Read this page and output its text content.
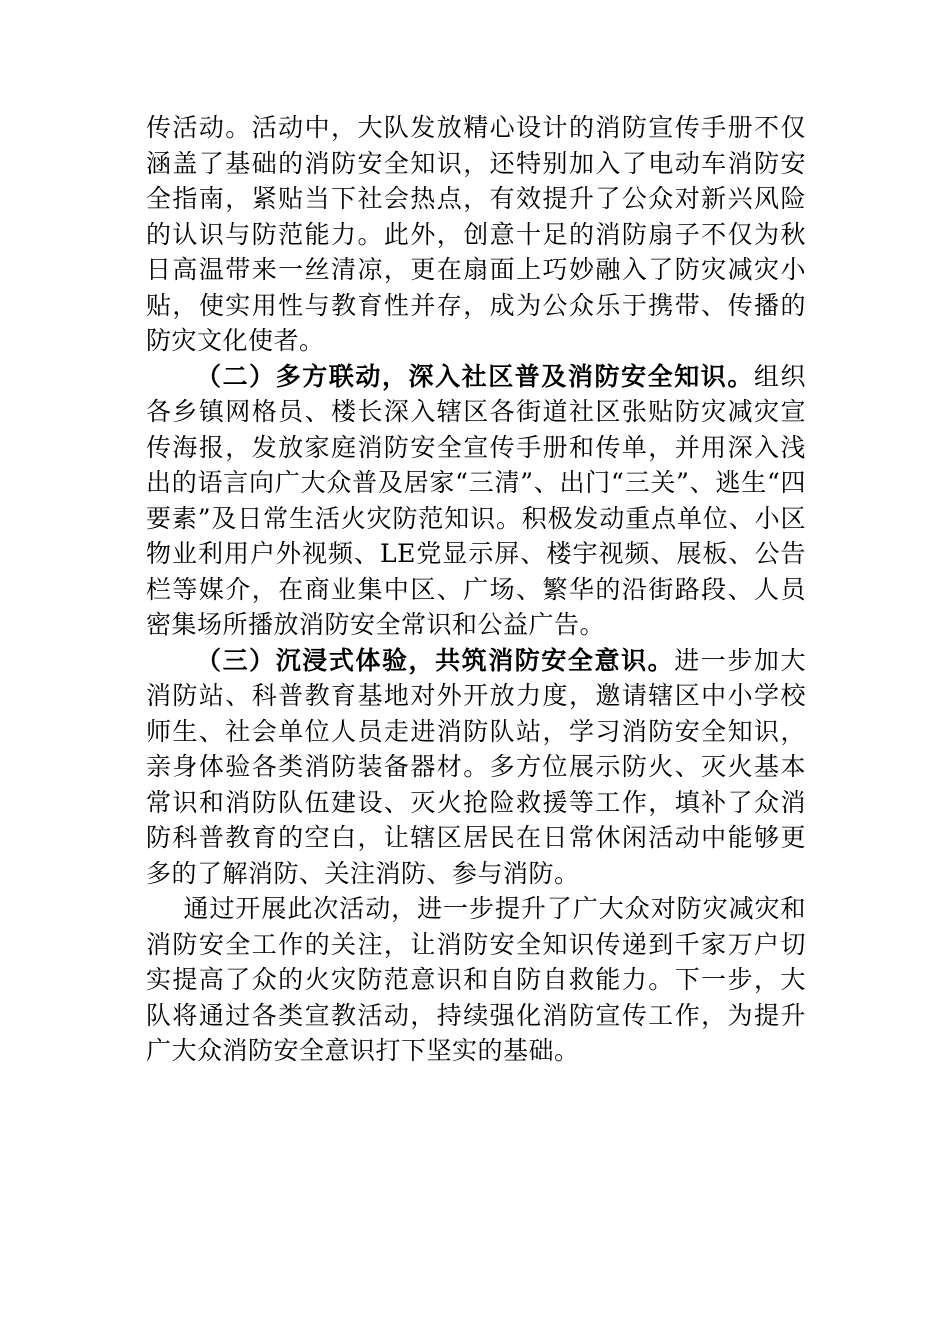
传活动。活动中，大队发放精心设计的消防宣传手册不仅涵盖了基础的消防安全知识，还特别加入了电动车消防安全指南，紧贴当下社会热点，有效提升了公众对新兴风险的认识与防范能力。此外，创意十足的消防扇子不仅为秋日高温带来一丝清凉，更在扇面上巧妙融入了防灾减灾小贴，使实用性与教育性并存，成为公众乐于携带、传播的防灾文化使者。

（二）多方联动，深入社区普及消防安全知识。组织各乡镇网格员、楼长深入辖区各街道社区张贴防灾减灾宣传海报，发放家庭消防安全宣传手册和传单，并用深入浅出的语言向广大众普及居家“三清”、出门“三关”、逃生“四要素”及日常生活火灾防范知识。积极发动重点单位、小区物业利用户外视频、LE党显示屏、楼宇视频、展板、公告栏等媒介，在商业集中区、广场、繁华的沿街路段、人员密集场所播放消防安全常识和公益广告。

（三）沉浸式体验，共筑消防安全意识。进一步加大消防站、科普教育基地对外开放力度，邀请辖区中小学校师生、社会单位人员走进消防队站，学习消防安全知识，亲身体验各类消防装备器材。多方位展示防火、灭火基本常识和消防队伍建设、灭火抢险救援等工作，填补了众消防科普教育的空白，让辖区居民在日常休闲活动中能够更多的了解消防、关注消防、参与消防。

通过开展此次活动，进一步提升了广大众对防灾减灾和消防安全工作的关注，让消防安全知识传递到千家万户切实提高了众的火灾防范意识和自防自救能力。下一步，大队将通过各类宣教活动，持续强化消防宣传工作，为提升广大众消防安全意识打下坚实的基础。
